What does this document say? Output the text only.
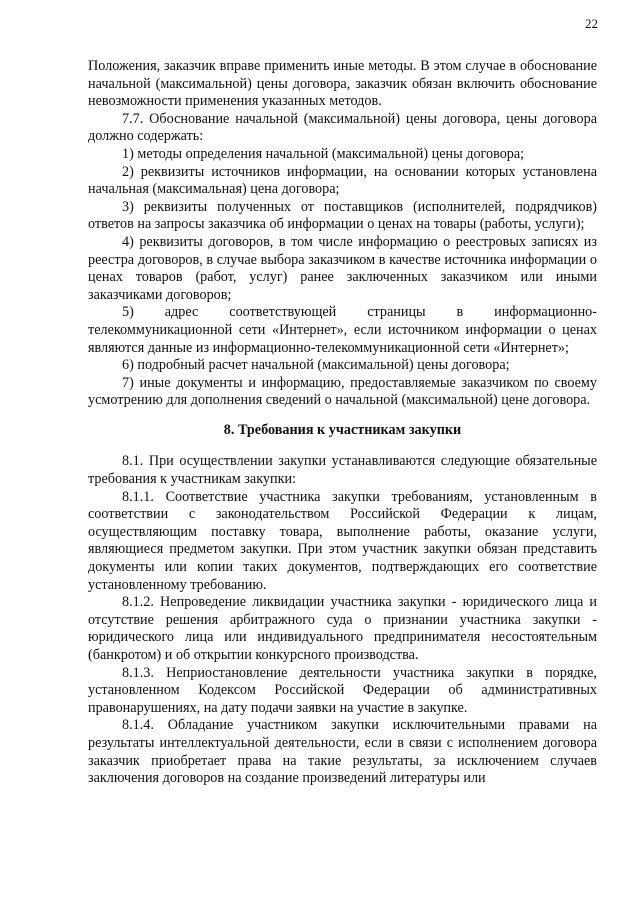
22

Положения, заказчик вправе применить иные методы. В этом случае в обоснование начальной (максимальной) цены договора, заказчик обязан включить обоснование невозможности применения указанных методов.

7.7. Обоснование начальной (максимальной) цены договора, цены договора должно содержать:

1) методы определения начальной (максимальной) цены договора;

2) реквизиты источников информации, на основании которых установлена начальная (максимальная) цена договора;

3) реквизиты полученных от поставщиков (исполнителей, подрядчиков) ответов на запросы заказчика об информации о ценах на товары (работы, услуги);

4) реквизиты договоров, в том числе информацию о реестровых записях из реестра договоров, в случае выбора заказчиком в качестве источника информации о ценах товаров (работ, услуг) ранее заключенных заказчиком или иными заказчиками договоров;

5) адрес соответствующей страницы в информационно-телекоммуникационной сети «Интернет», если источником информации о ценах являются данные из информационно-телекоммуникационной сети «Интернет»;

6) подробный расчет начальной (максимальной) цены договора;

7) иные документы и информацию, предоставляемые заказчиком по своему усмотрению для дополнения сведений о начальной (максимальной) цене договора.

8. Требования к участникам закупки

8.1. При осуществлении закупки устанавливаются следующие обязательные требования к участникам закупки:

8.1.1. Соответствие участника закупки требованиям, установленным в соответствии с законодательством Российской Федерации к лицам, осуществляющим поставку товара, выполнение работы, оказание услуги, являющиеся предметом закупки. При этом участник закупки обязан представить документы или копии таких документов, подтверждающих его соответствие установленному требованию.

8.1.2. Непроведение ликвидации участника закупки - юридического лица и отсутствие решения арбитражного суда о признании участника закупки - юридического лица или индивидуального предпринимателя несостоятельным (банкротом) и об открытии конкурсного производства.

8.1.3. Неприостановление деятельности участника закупки в порядке, установленном Кодексом Российской Федерации об административных правонарушениях, на дату подачи заявки на участие в закупке.

8.1.4. Обладание участником закупки исключительными правами на результаты интеллектуальной деятельности, если в связи с исполнением договора заказчик приобретает права на такие результаты, за исключением случаев заключения договоров на создание произведений литературы или
